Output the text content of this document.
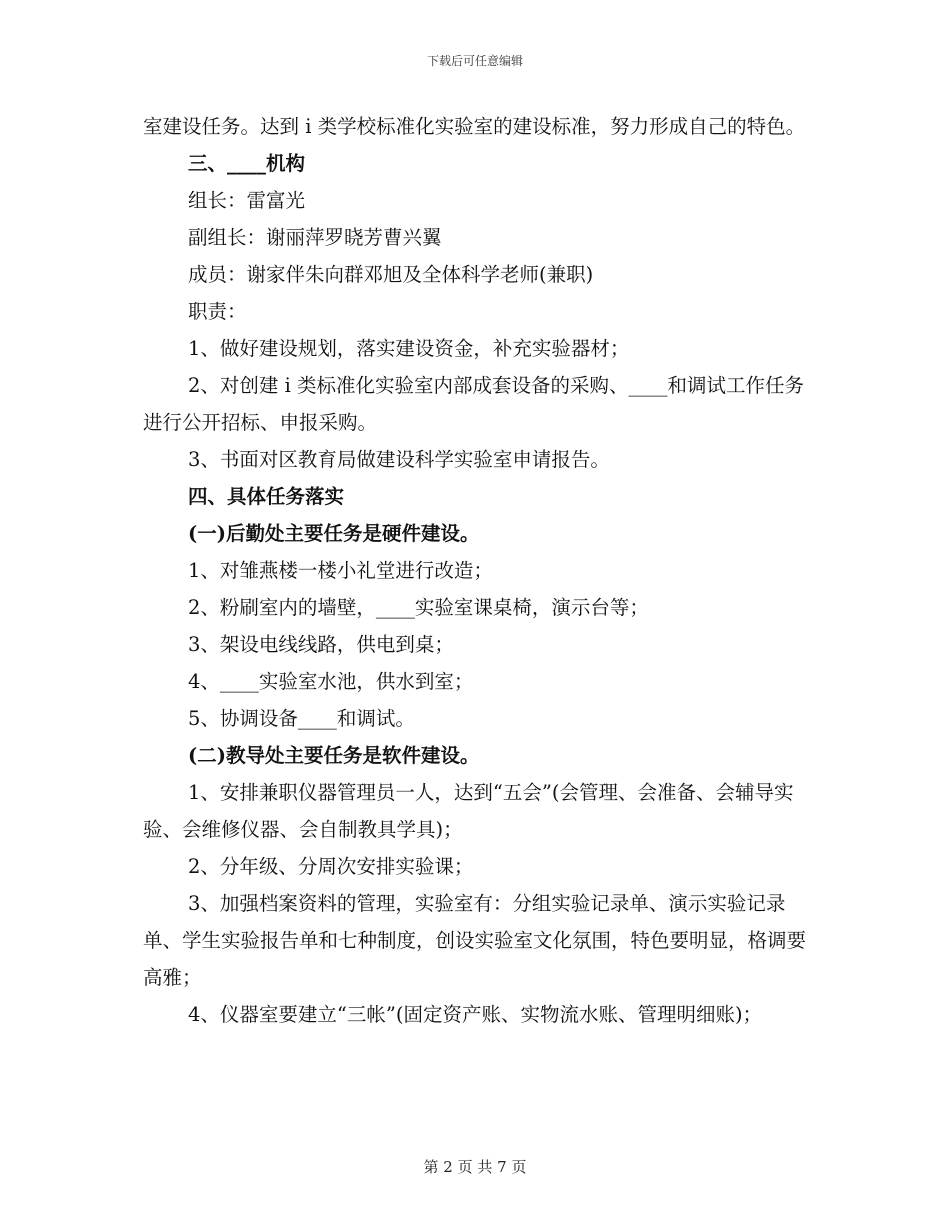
下载后可任意编辑

室建设任务。达到 i 类学校标准化实验室的建设标准，努力形成自己的特色。

三、____机构

组长：雷富光

副组长：谢丽萍罗晓芳曹兴翼

成员：谢家伴朱向群邓旭及全体科学老师(兼职)

职责：

1、做好建设规划，落实建设资金，补充实验器材；

2、对创建 i 类标准化实验室内部成套设备的采购、____和调试工作任务进行公开招标、申报采购。

3、书面对区教育局做建设科学实验室申请报告。

四、具体任务落实

(一)后勤处主要任务是硬件建设。

1、对雏燕楼一楼小礼堂进行改造；

2、粉刷室内的墙壁，____实验室课桌椅，演示台等；

3、架设电线线路，供电到桌；

4、____实验室水池，供水到室；

5、协调设备____和调试。

(二)教导处主要任务是软件建设。

1、安排兼职仪器管理员一人，达到“五会”(会管理、会准备、会辅导实验、会维修仪器、会自制教具学具)；

2、分年级、分周次安排实验课；

3、加强档案资料的管理，实验室有：分组实验记录单、演示实验记录单、学生实验报告单和七种制度，创设实验室文化氛围，特色要明显，格调要高雅；

4、仪器室要建立“三帐”(固定资产账、实物流水账、管理明细账)；

第 2 页 共 7 页
